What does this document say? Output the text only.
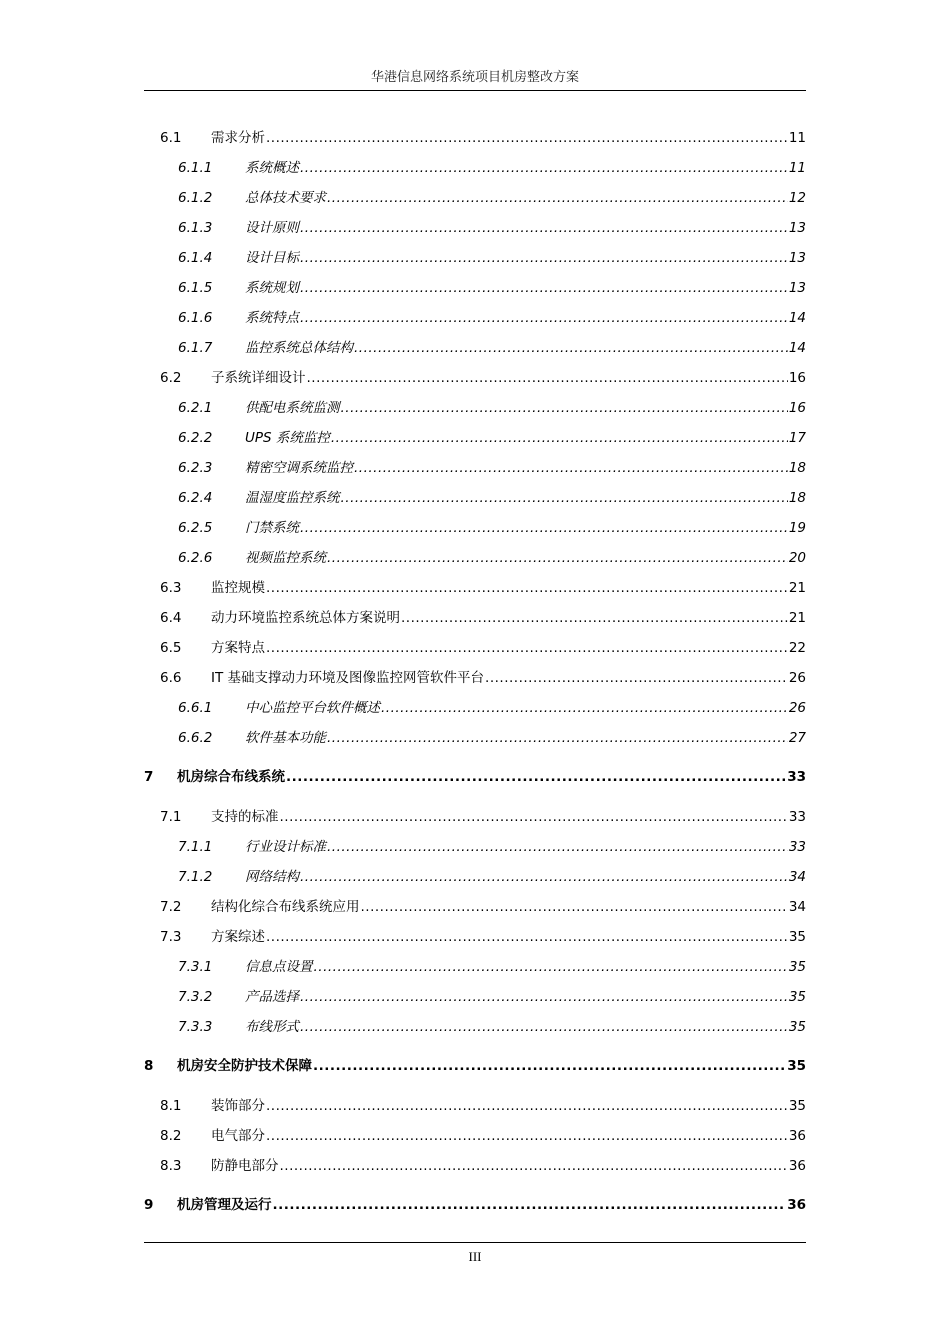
华港信息网络系统项目机房整改方案
6.1	需求分析 .....	11
6.1.1	系统概述 .....	11
6.1.2	总体技术要求 .....	12
6.1.3	设计原则 .....	13
6.1.4	设计目标 .....	13
6.1.5	系统规划 .....	13
6.1.6	系统特点 .....	14
6.1.7	监控系统总体结构 .....	14
6.2	子系统详细设计 .....	16
6.2.1	供配电系统监测 .....	16
6.2.2	UPS 系统监控 .....	17
6.2.3	精密空调系统监控 .....	18
6.2.4	温湿度监控系统 .....	18
6.2.5	门禁系统 .....	19
6.2.6	视频监控系统 .....	20
6.3	监控规模 .....	21
6.4	动力环境监控系统总体方案说明 .....	21
6.5	方案特点 .....	22
6.6	IT 基础支撑动力环境及图像监控网管软件平台 .....	26
6.6.1	中心监控平台软件概述 .....	26
6.6.2	软件基本功能 .....	27
7	机房综合布线系统 .....	33
7.1	支持的标准 .....	33
7.1.1	行业设计标准 .....	33
7.1.2	网络结构 .....	34
7.2	结构化综合布线系统应用 .....	34
7.3	方案综述 .....	35
7.3.1	信息点设置 .....	35
7.3.2	产品选择 .....	35
7.3.3	布线形式 .....	35
8	机房安全防护技术保障 .....	35
8.1	装饰部分 .....	35
8.2	电气部分 .....	36
8.3	防静电部分 .....	36
9	机房管理及运行 .....	36
III
